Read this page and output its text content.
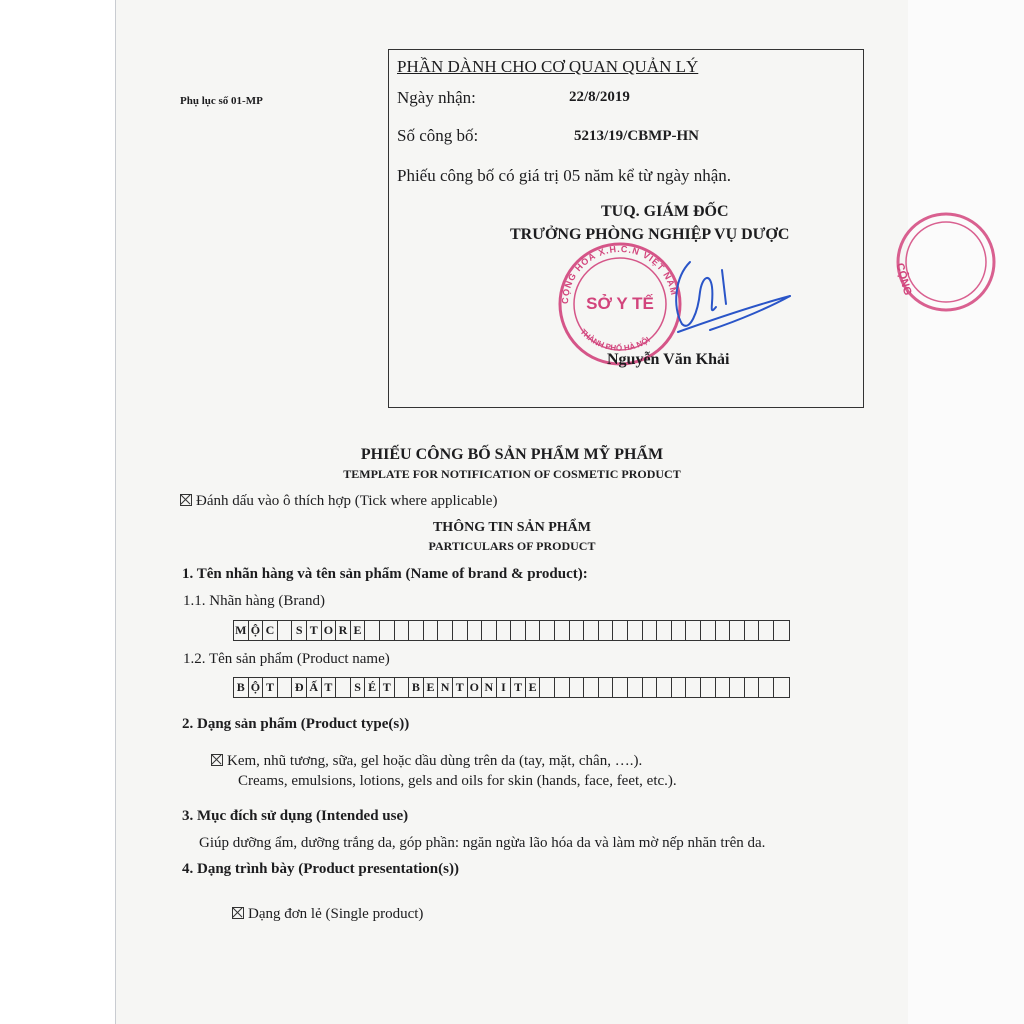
CỘNG
Phụ lục số 01-MP
PHẦN DÀNH CHO CƠ QUAN QUẢN LÝ
Ngày nhận:	22/8/2019
Số công bố:	5213/19/CBMP-HN
Phiếu công bố có giá trị 05 năm kể từ ngày nhận.
TUQ. GIÁM ĐỐC
TRƯỞNG PHÒNG NGHIỆP VỤ DƯỢC
CỘNG HÒA X.H.C.N VIỆT NAM
THÀNH PHỐ HÀ NỘI
SỞ Y TẾ
Nguyễn Văn Khải
PHIẾU CÔNG BỐ SẢN PHẨM MỸ PHẨM
TEMPLATE FOR NOTIFICATION OF COSMETIC PRODUCT
Đánh dấu vào ô thích hợp (Tick where applicable)
THÔNG TIN SẢN PHẨM
PARTICULARS OF PRODUCT
1. Tên nhãn hàng và tên sản phẩm (Name of brand & product):
1.1. Nhãn hàng (Brand)
M Ộ C S T O R E
1.2. Tên sản phẩm (Product name)
B Ộ T	Đ Ấ T	S É T	B E N T O N I T E
2. Dạng sản phẩm (Product type(s))
Kem, nhũ tương, sữa, gel hoặc dầu dùng trên da (tay, mặt, chân, ….).
Creams, emulsions, lotions, gels and oils for skin (hands, face, feet, etc.).
3. Mục đích sử dụng (Intended use)
Giúp dưỡng ẩm, dưỡng trắng da, góp phần: ngăn ngừa lão hóa da và làm mờ nếp nhăn trên da.
4. Dạng trình bày (Product presentation(s))
Dạng đơn lẻ (Single product)
